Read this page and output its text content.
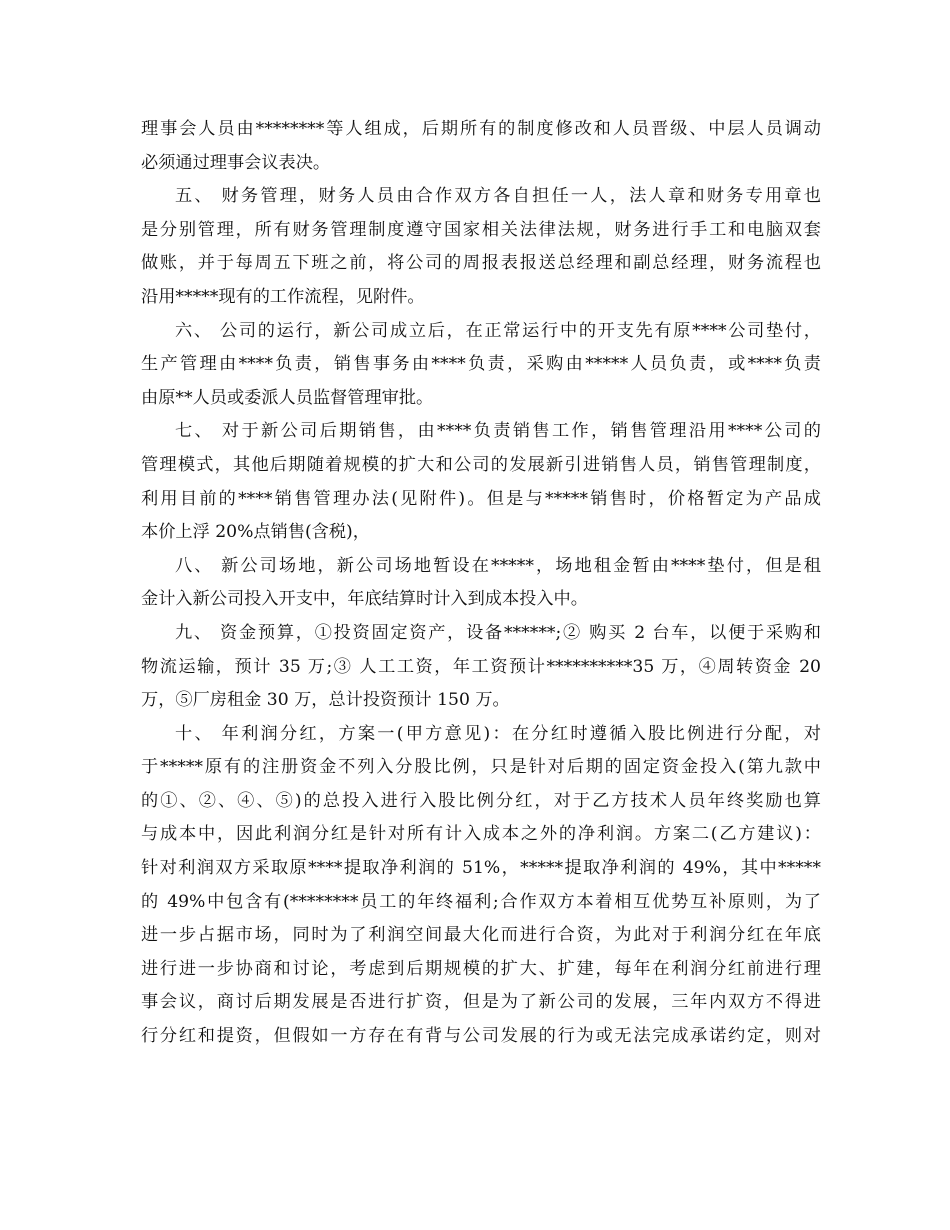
理事会人员由********等人组成，后期所有的制度修改和人员晋级、中层人员调动
必须通过理事会议表决。
五、 财务管理，财务人员由合作双方各自担任一人，法人章和财务专用章也
是分别管理，所有财务管理制度遵守国家相关法律法规，财务进行手工和电脑双套
做账，并于每周五下班之前，将公司的周报表报送总经理和副总经理，财务流程也
沿用*****现有的工作流程，见附件。
六、 公司的运行，新公司成立后，在正常运行中的开支先有原****公司垫付，
生产管理由****负责，销售事务由****负责，采购由*****人员负责，或****负责
由原**人员或委派人员监督管理审批。
七、 对于新公司后期销售，由****负责销售工作，销售管理沿用****公司的
管理模式，其他后期随着规模的扩大和公司的发展新引进销售人员，销售管理制度，
利用目前的****销售管理办法(见附件)。但是与*****销售时，价格暂定为产品成
本价上浮 20%点销售(含税)，
八、 新公司场地，新公司场地暂设在*****，场地租金暂由****垫付，但是租
金计入新公司投入开支中，年底结算时计入到成本投入中。
九、 资金预算，①投资固定资产，设备******;② 购买 2 台车，以便于采购和
物流运输，预计 35 万;③ 人工工资，年工资预计**********35 万，④周转资金 20
万，⑤厂房租金 30 万，总计投资预计 150 万。
十、 年利润分红，方案一(甲方意见)：在分红时遵循入股比例进行分配，对
于*****原有的注册资金不列入分股比例，只是针对后期的固定资金投入(第九款中
的①、②、④、⑤)的总投入进行入股比例分红，对于乙方技术人员年终奖励也算
与成本中，因此利润分红是针对所有计入成本之外的净利润。方案二(乙方建议)：
针对利润双方采取原****提取净利润的 51%，*****提取净利润的 49%，其中*****
的 49%中包含有(********员工的年终福利;合作双方本着相互优势互补原则，为了
进一步占据市场，同时为了利润空间最大化而进行合资，为此对于利润分红在年底
进行进一步协商和讨论，考虑到后期规模的扩大、扩建，每年在利润分红前进行理
事会议，商讨后期发展是否进行扩资，但是为了新公司的发展，三年内双方不得进
行分红和提资，但假如一方存在有背与公司发展的行为或无法完成承诺约定，则对
